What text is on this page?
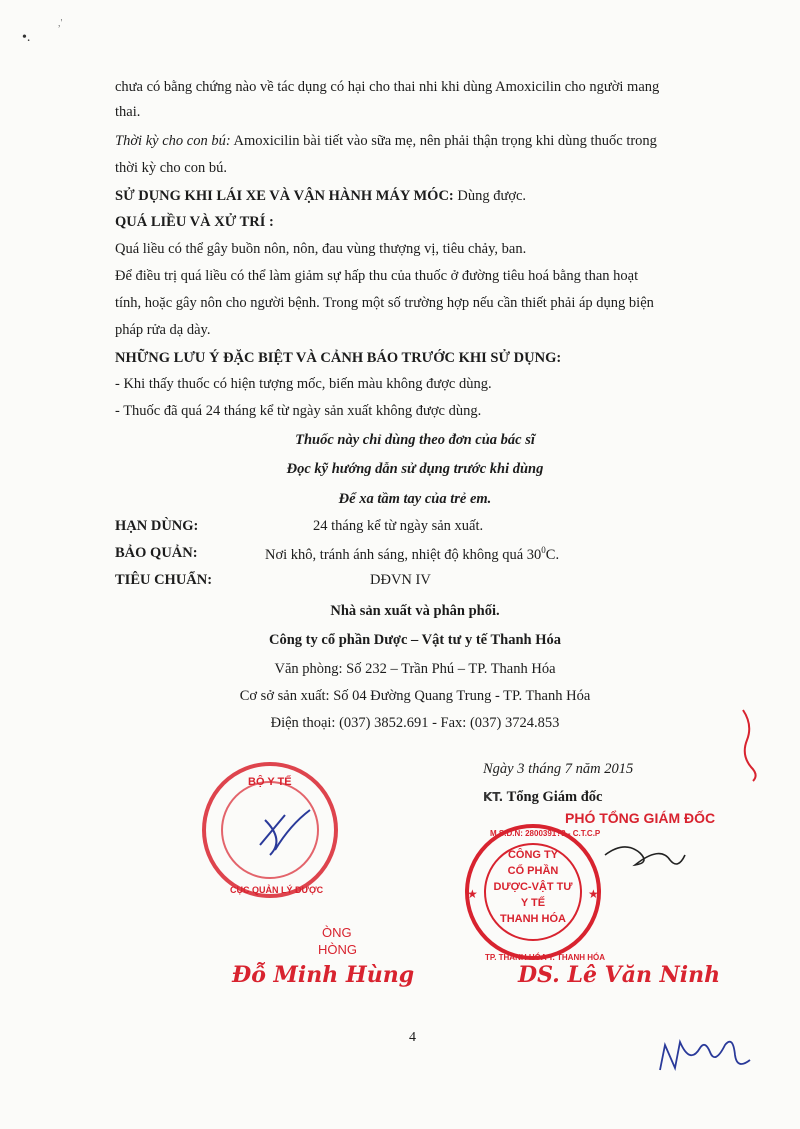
•.
,'
chưa có bằng chứng nào về tác dụng có hại cho thai nhi khi dùng Amoxicilin cho người mang
thai.
Thời kỳ cho con bú: Amoxicilin bài tiết vào sữa mẹ, nên phải thận trọng khi dùng thuốc trong
thời kỳ cho con bú.
SỬ DỤNG KHI LÁI XE VÀ VẬN HÀNH MÁY MÓC: Dùng được.
QUÁ LIỀU VÀ XỬ TRÍ :
Quá liều có thể gây buồn nôn, nôn, đau vùng thượng vị, tiêu chảy, ban.
Để điều trị quá liều có thể làm giảm sự hấp thu của thuốc ở đường tiêu hoá bằng than hoạt
tính, hoặc gây nôn cho người bệnh. Trong một số trường hợp nếu cần thiết phải áp dụng biện
pháp rửa dạ dày.
NHỮNG LƯU Ý ĐẶC BIỆT VÀ CẢNH BÁO TRƯỚC KHI SỬ DỤNG:
- Khi thấy thuốc có hiện tượng mốc, biến màu không được dùng.
- Thuốc đã quá 24 tháng kể từ ngày sản xuất không được dùng.
Thuốc này chỉ dùng theo đơn của bác sĩ
Đọc kỹ hướng dẫn sử dụng trước khi dùng
Để xa tầm tay của trẻ em.
HẠN DÙNG:	24 tháng kể từ ngày sản xuất.
BẢO QUẢN:	Nơi khô, tránh ánh sáng, nhiệt độ không quá $30^0C$.
TIÊU CHUẨN:	DĐVN IV
Nhà sản xuất và phân phối.
Công ty cổ phần Dược – Vật tư y tế Thanh Hóa
Văn phòng: Số 232 – Trần Phú – TP. Thanh Hóa
Cơ sở sản xuất: Số 04 Đường Quang Trung - TP. Thanh Hóa
Điện thoại: (037) 3852.691 - Fax: (037) 3724.853
Ngày 3 tháng 7 năm 2015
KT. Tổng Giám đốc
PHÓ TỔNG GIÁM ĐỐC
BỘ Y TẾ
CỤC QUẢN LÝ DƯỢC
ÒNG
HÒNG
Đỗ Minh Hùng
M.S.D.N: 2800391?8 - C.T.C.P
TP. THANH HÓA T. THANH HÓA
CÔNG TY
CỔ PHẦN
DƯỢC-VẬT TƯ
Y TẾ
THANH HÓA
★	★
DS. Lê Văn Ninh
4
